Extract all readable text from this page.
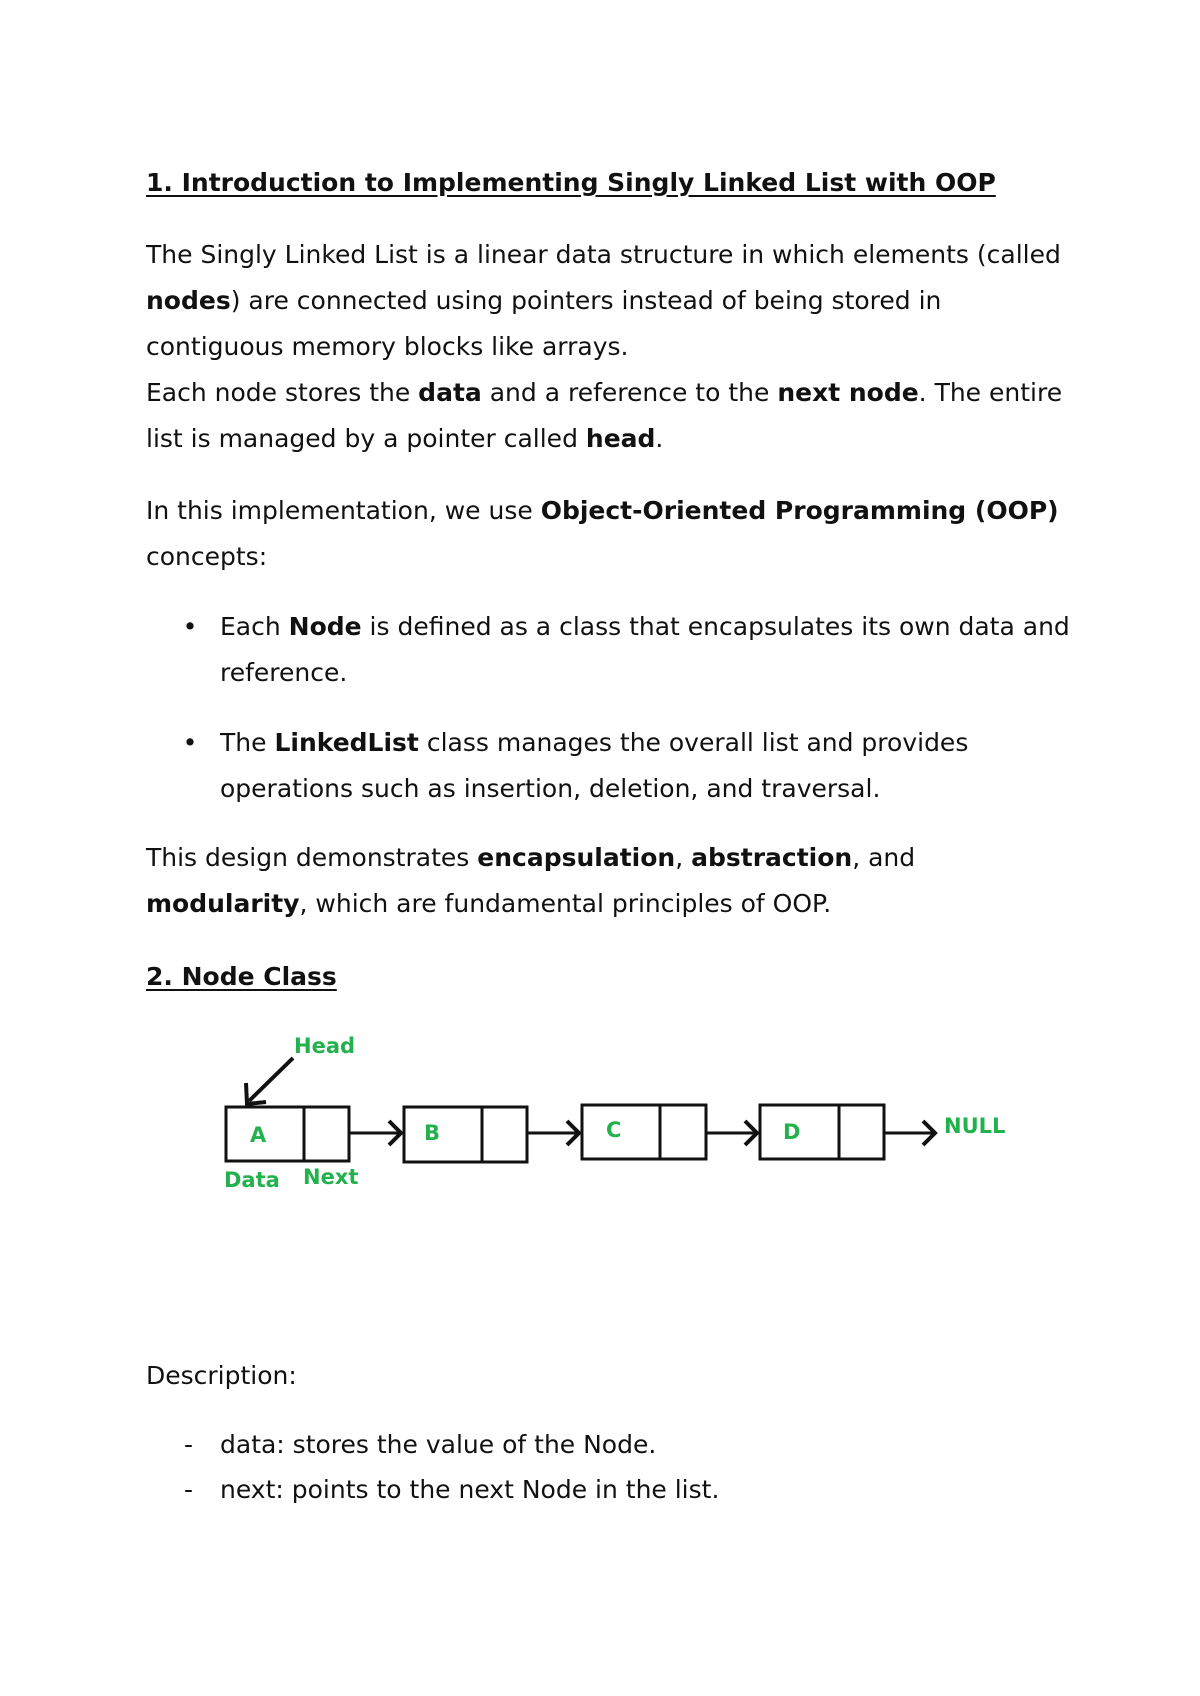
1. Introduction to Implementing Singly Linked List with OOP

The Singly Linked List is a linear data structure in which elements (called nodes) are connected using pointers instead of being stored in contiguous memory blocks like arrays.
Each node stores the data and a reference to the next node. The entire list is managed by a pointer called head.

In this implementation, we use Object-Oriented Programming (OOP) concepts:

• Each Node is defined as a class that encapsulates its own data and reference.
• The LinkedList class manages the overall list and provides operations such as insertion, deletion, and traversal.

This design demonstrates encapsulation, abstraction, and modularity, which are fundamental principles of OOP.

2. Node Class
Head
A	B	C	D	NULL
Data Next

Description:

- data: stores the value of the Node.
- next: points to the next Node in the list.
